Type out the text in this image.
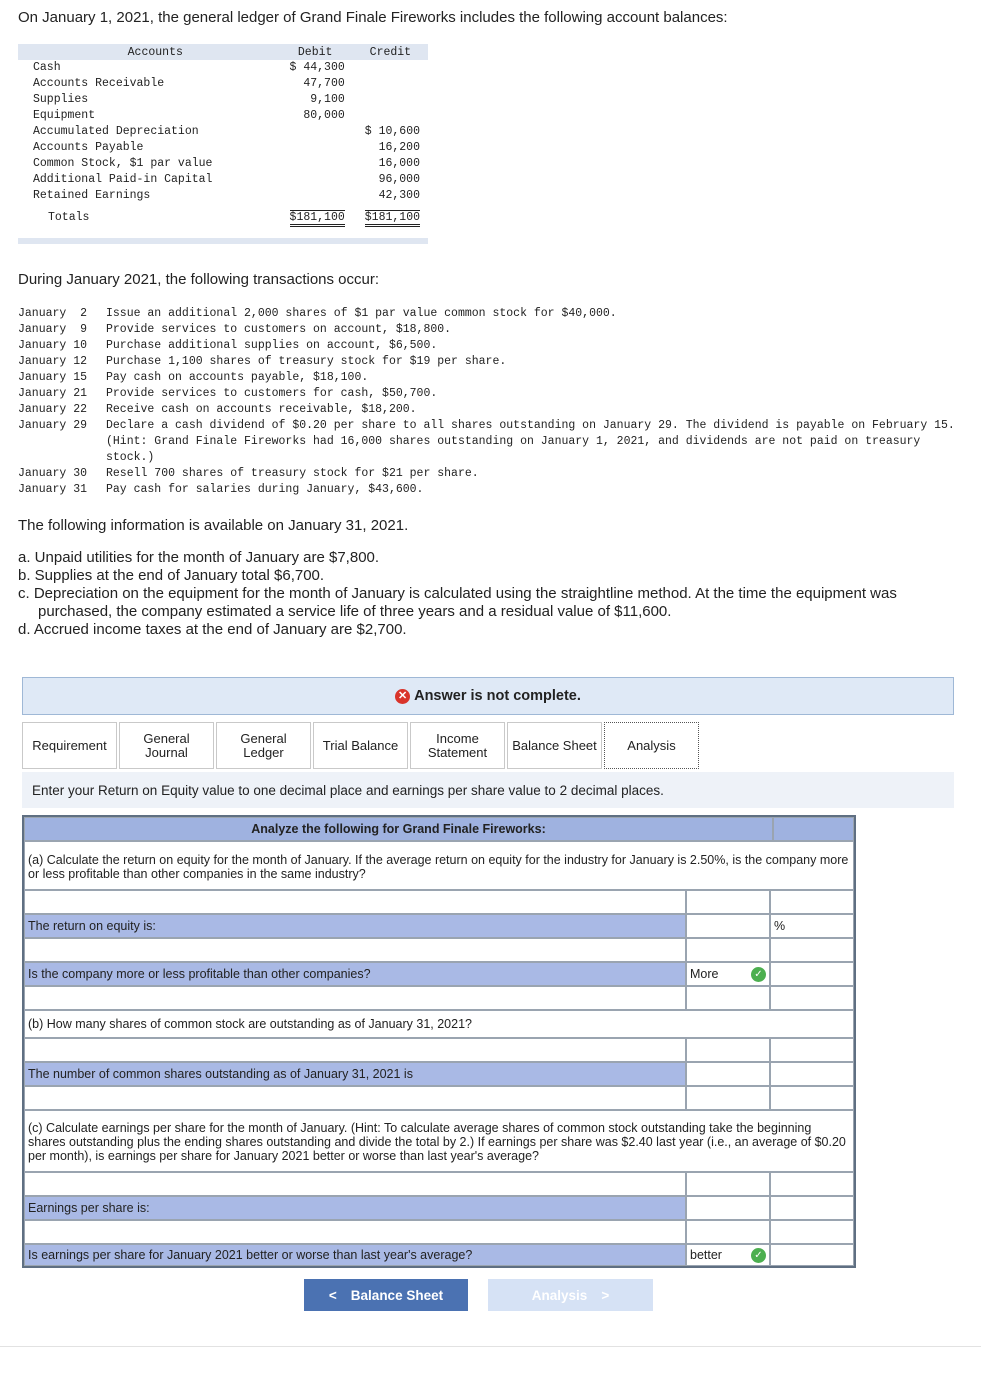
On January 1, 2021, the general ledger of Grand Finale Fireworks includes the following account balances:
Accounts	Debit	Credit
Cash	$ 44,300	
Accounts Receivable	47,700	
Supplies	9,100	
Equipment	80,000	
Accumulated Depreciation		$ 10,600
Accounts Payable		16,200
Common Stock, $1 par value		16,000
Additional Paid-in Capital		96,000
Retained Earnings		42,300
Totals	$181,100	$181,100

During January 2021, the following transactions occur:
January  2	Issue an additional 2,000 shares of $1 par value common stock for $40,000.
January  9	Provide services to customers on account, $18,800.
January 10	Purchase additional supplies on account, $6,500.
January 12	Purchase 1,100 shares of treasury stock for $19 per share.
January 15	Pay cash on accounts payable, $18,100.
January 21	Provide services to customers for cash, $50,700.
January 22	Receive cash on accounts receivable, $18,200.
January 29	Declare a cash dividend of $0.20 per share to all shares outstanding on January 29. The dividend is payable on February 15. (Hint: Grand Finale Fireworks had 16,000 shares outstanding on January 1, 2021, and dividends are not paid on treasury stock.)
January 30	Resell 700 shares of treasury stock for $21 per share.
January 31	Pay cash for salaries during January, $43,600.
The following information is available on January 31, 2021.
a. Unpaid utilities for the month of January are $7,800.
b. Supplies at the end of January total $6,700.
c. Depreciation on the equipment for the month of January is calculated using the straightline method. At the time the equipment was purchased, the company estimated a service life of three years and a residual value of $11,600.
d. Accrued income taxes at the end of January are $2,700.
✕ Answer is not complete.
Requirement	General Journal
General Ledger	Trial Balance	Income Statement	Balance Sheet	Analysis
Enter your Return on Equity value to one decimal place and earnings per share value to 2 decimal places.
Analyze the following for Grand Finale Fireworks:
(a) Calculate the return on equity for the month of January. If the average return on equity for the industry for January is 2.50%, is the company more or less profitable than other companies in the same industry?
The return on equity is:	%
Is the company more or less profitable than other companies?	More	✓
(b) How many shares of common stock are outstanding as of January 31, 2021?
The number of common shares outstanding as of January 31, 2021 is
(c) Calculate earnings per share for the month of January. (Hint: To calculate average shares of common stock outstanding take the beginning shares outstanding plus the ending shares outstanding and divide the total by 2.) If earnings per share was $2.40 last year (i.e., an average of $0.20 per month), is earnings per share for January 2021 better or worse than last year's average?
Earnings per share is:
Is earnings per share for January 2021 better or worse than last year's average?	better	✓
< Balance Sheet	Analysis >
